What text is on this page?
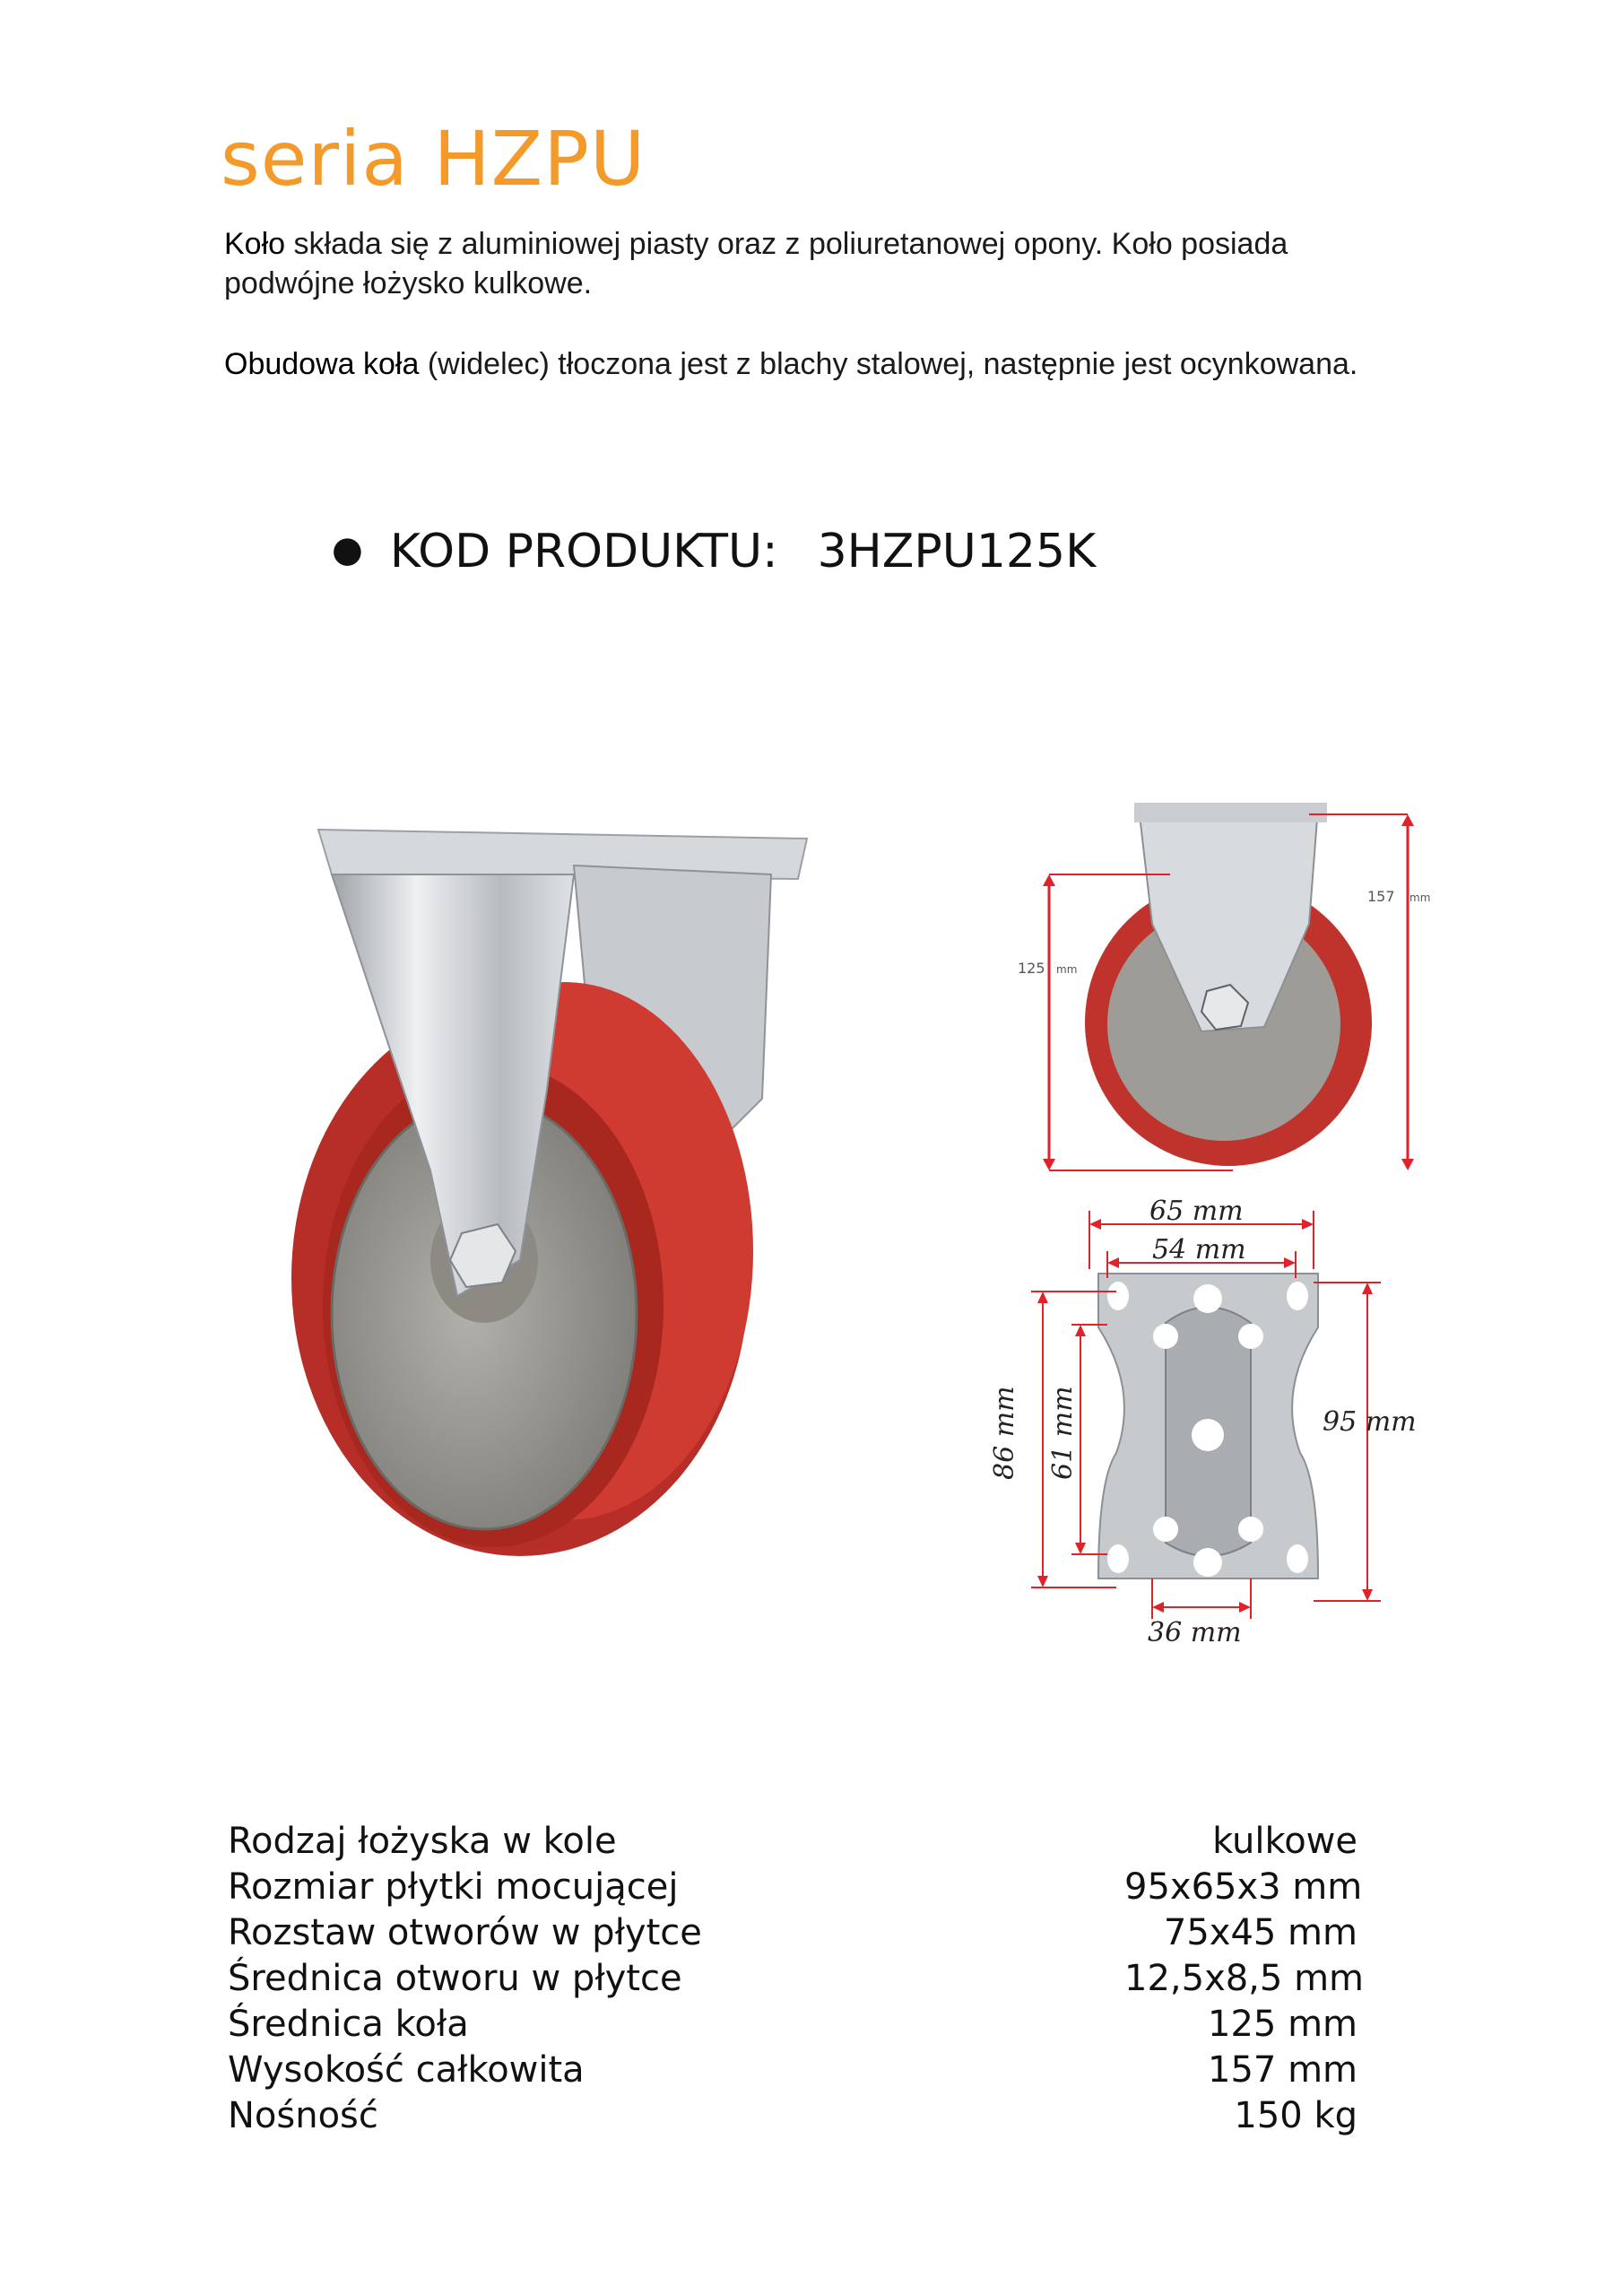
seria HZPU
Koło składa się z aluminiowej piasty oraz z poliuretanowej opony. Koło posiada podwójne łożysko kulkowe.
Obudowa koła (widelec) tłoczona jest z blachy stalowej, następnie jest ocynkowana.
● KOD PRODUKTU: 3HZPU125K
125 mm
157 mm
65 mm
54 mm
86 mm 61 mm	95 mm
36 mm
Rodzaj łożyska w kole	kulkowe
Rozmiar płytki mocującej	95x65x3 mm
Rozstaw otworów w płytce	75x45 mm
Średnica otworu w płytce	12,5x8,5 mm
Średnica koła	125 mm
Wysokość całkowita	157 mm
Nośność	150 kg
